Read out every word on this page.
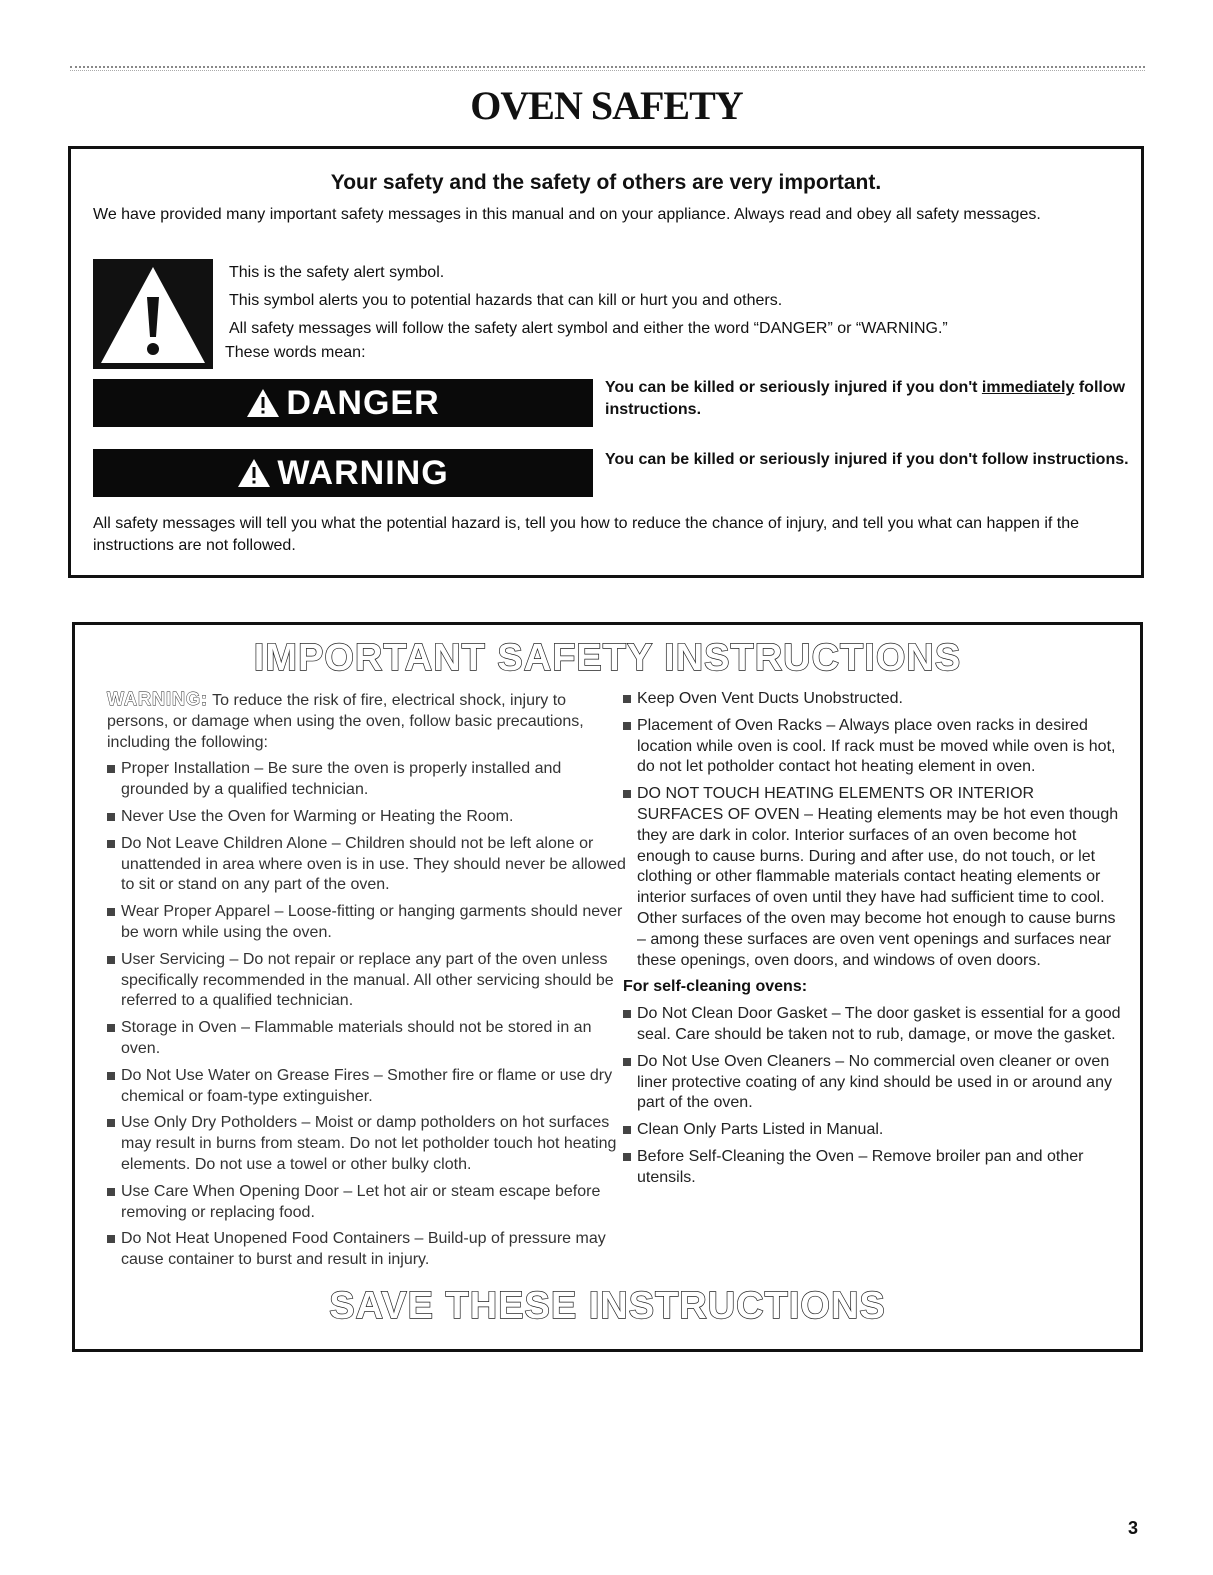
OVEN SAFETY
Your safety and the safety of others are very important.

We have provided many important safety messages in this manual and on your appliance. Always read and obey all safety messages.

This is the safety alert symbol.

This symbol alerts you to potential hazards that can kill or hurt you and others.

All safety messages will follow the safety alert symbol and either the word “DANGER” or “WARNING.”

These words mean:

DANGER	You can be killed or seriously injured if you don't immediately follow instructions.

WARNING	You can be killed or seriously injured if you don't follow instructions.

All safety messages will tell you what the potential hazard is, tell you how to reduce the chance of injury, and tell you what can happen if the instructions are not followed.

IMPORTANT SAFETY INSTRUCTIONS

WARNING: To reduce the risk of fire, electrical shock, injury to persons, or damage when using the oven, follow basic precautions, including the following:

Proper Installation – Be sure the oven is properly installed and grounded by a qualified technician.
Never Use the Oven for Warming or Heating the Room.
Do Not Leave Children Alone – Children should not be left alone or unattended in area where oven is in use. They should never be allowed to sit or stand on any part of the oven.
Wear Proper Apparel – Loose-fitting or hanging garments should never be worn while using the oven.
User Servicing – Do not repair or replace any part of the oven unless specifically recommended in the manual. All other servicing should be referred to a qualified technician.
Storage in Oven – Flammable materials should not be stored in an oven.
Do Not Use Water on Grease Fires – Smother fire or flame or use dry chemical or foam-type extinguisher.
Use Only Dry Potholders – Moist or damp potholders on hot surfaces may result in burns from steam. Do not let potholder touch hot heating elements. Do not use a towel or other bulky cloth.
Use Care When Opening Door – Let hot air or steam escape before removing or replacing food.
Do Not Heat Unopened Food Containers – Build-up of pressure may cause container to burst and result in injury.
Keep Oven Vent Ducts Unobstructed.
Placement of Oven Racks – Always place oven racks in desired location while oven is cool. If rack must be moved while oven is hot, do not let potholder contact hot heating element in oven.
DO NOT TOUCH HEATING ELEMENTS OR INTERIOR SURFACES OF OVEN – Heating elements may be hot even though they are dark in color. Interior surfaces of an oven become hot enough to cause burns. During and after use, do not touch, or let clothing or other flammable materials contact heating elements or interior surfaces of oven until they have had sufficient time to cool. Other surfaces of the oven may become hot enough to cause burns – among these surfaces are oven vent openings and surfaces near these openings, oven doors, and windows of oven doors.

For self-cleaning ovens:

Do Not Clean Door Gasket – The door gasket is essential for a good seal. Care should be taken not to rub, damage, or move the gasket.
Do Not Use Oven Cleaners – No commercial oven cleaner or oven liner protective coating of any kind should be used in or around any part of the oven.
Clean Only Parts Listed in Manual.
Before Self-Cleaning the Oven – Remove broiler pan and other utensils.
SAVE THESE INSTRUCTIONS
3
